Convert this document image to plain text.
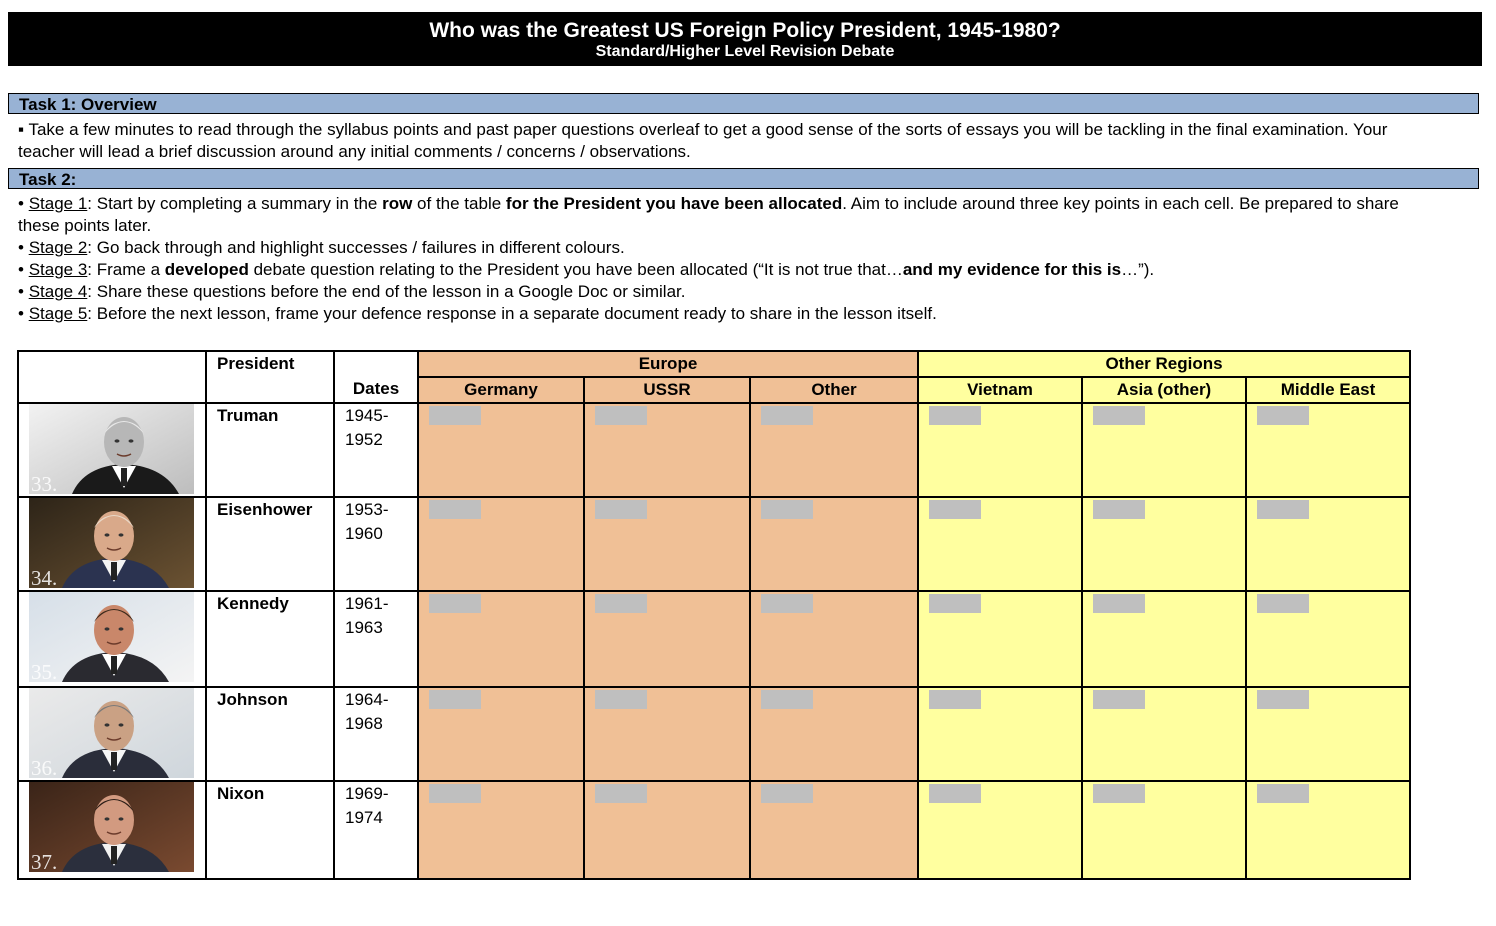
Who was the Greatest US Foreign Policy President, 1945-1980?
Standard/Higher Level Revision Debate
Task 1: Overview
▪ Take a few minutes to read through the syllabus points and past paper questions overleaf to get a good sense of the sorts of essays you will be tackling in the final examination. Your teacher will lead a brief discussion around any initial comments / concerns / observations.
Task 2:
• Stage 1: Start by completing a summary in the row of the table for the President you have been allocated. Aim to include around three key points in each cell. Be prepared to share these points later.
• Stage 2: Go back through and highlight successes / failures in different colours.
• Stage 3: Frame a developed debate question relating to the President you have been allocated (“It is not true that…and my evidence for this is…”).
• Stage 4: Share these questions before the end of the lesson in a Google Doc or similar.
• Stage 5: Before the next lesson, frame your defence response in a separate document ready to share in the lesson itself.
	President		Europe			Other Regions		
		Dates	Germany	USSR	Other	Vietnam	Asia (other)	Middle East

33.	Truman	1945-
1952						

34.	Eisenhower	1953-
1960						

35.	Kennedy	1961-
1963						

36.	Johnson	1964-
1968						

37.	Nixon	1969-
1974						
